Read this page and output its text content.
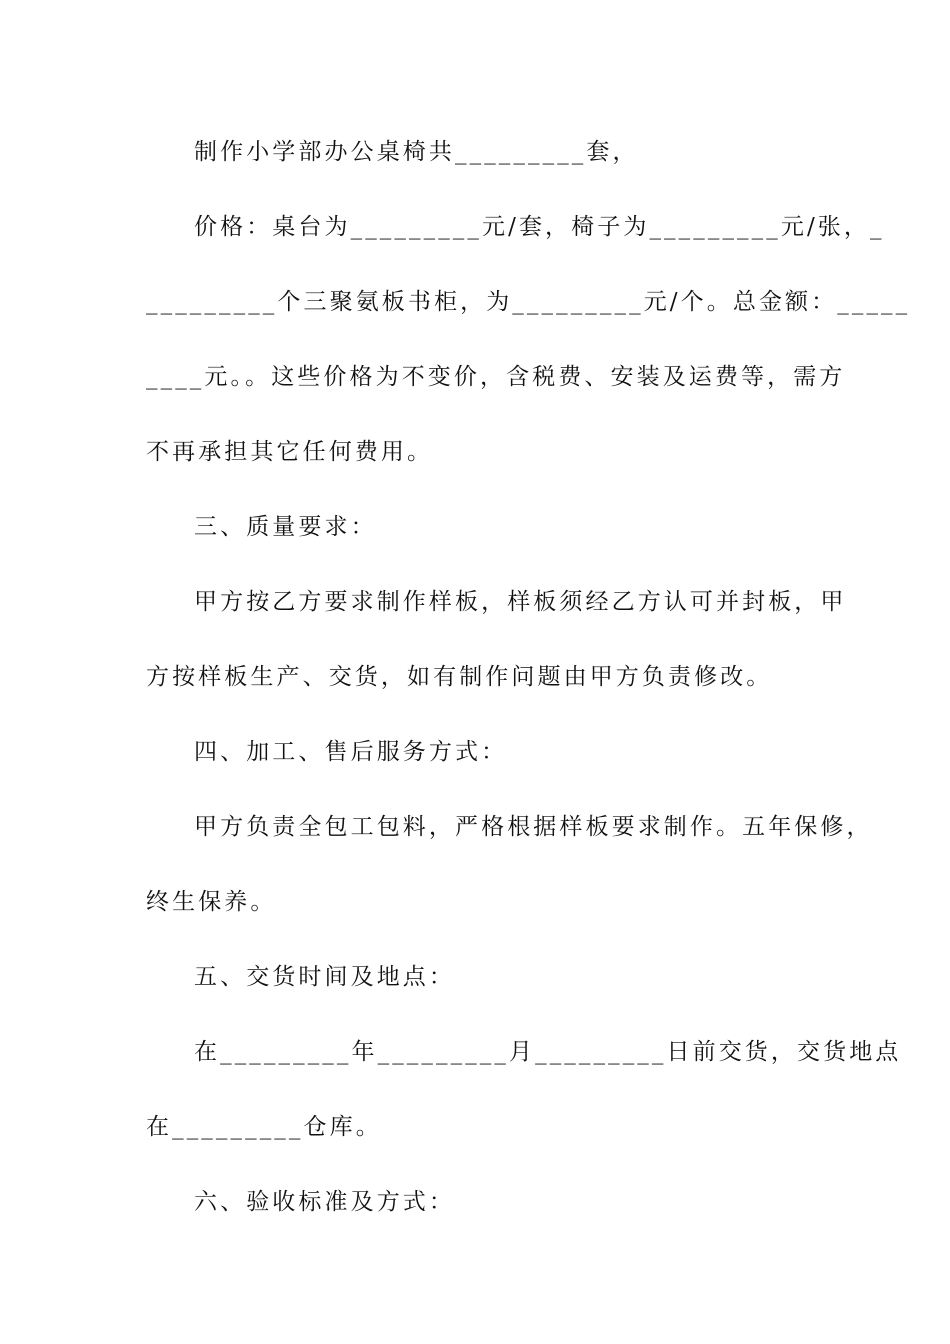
制作小学部办公桌椅共_________套，
价格：桌台为_________元/套，椅子为_________元/张，_
_________个三聚氨板书柜，为_________元/个。总金额：_____
____元。。这些价格为不变价，含税费、安装及运费等，需方
不再承担其它任何费用。
三、质量要求：
甲方按乙方要求制作样板，样板须经乙方认可并封板，甲
方按样板生产、交货，如有制作问题由甲方负责修改。
四、加工、售后服务方式：
甲方负责全包工包料，严格根据样板要求制作。五年保修，
终生保养。
五、交货时间及地点：
在_________年_________月_________日前交货，交货地点
在_________仓库。
六、验收标准及方式：
